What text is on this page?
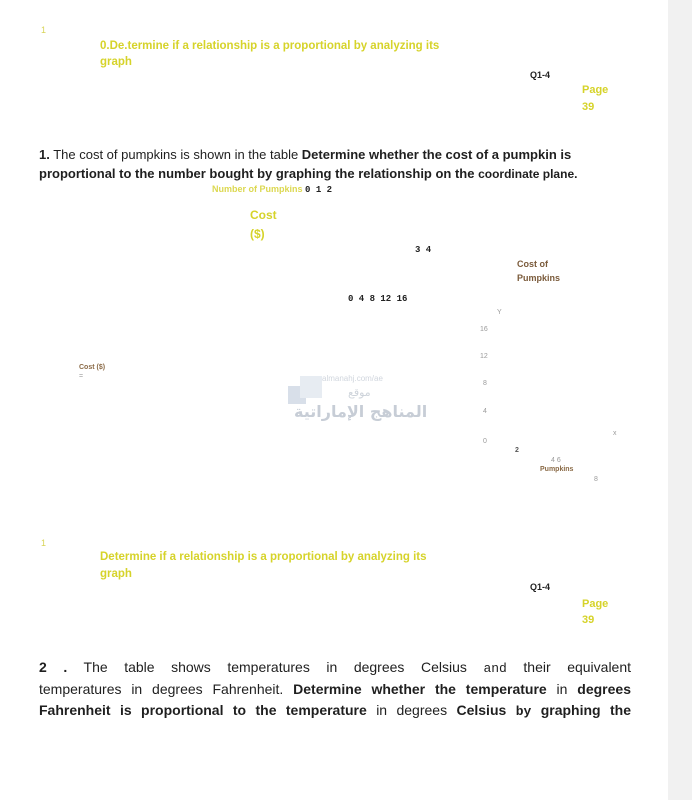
1
0.De.termine if a relationship is a proportional by analyzing its
graph
Q1-4
Page
39
1. The cost of pumpkins is shown in the table Determine whether the cost of a pumpkin is
proportional to the number bought by graphing the relationship on the coordinate plane.
Number of Pumpkins 0 1 2
Cost
($)
3 4
0 4 8 12 16
Cost of
Pumpkins
Y
16
12
8
4
0
Cost ($)
=
2
4 6
Pumpkins
x
8
almanahj.com/ae
موقع
المناهج الإماراتية
1
Determine if a relationship is a proportional by analyzing its
graph
Q1-4
Page
39
2 . The table shows temperatures in degrees Celsius and their equivalent
temperatures in degrees Fahrenheit. Determine whether the temperature in degrees
Fahrenheit is proportional to the temperature in degrees Celsius by graphing the
